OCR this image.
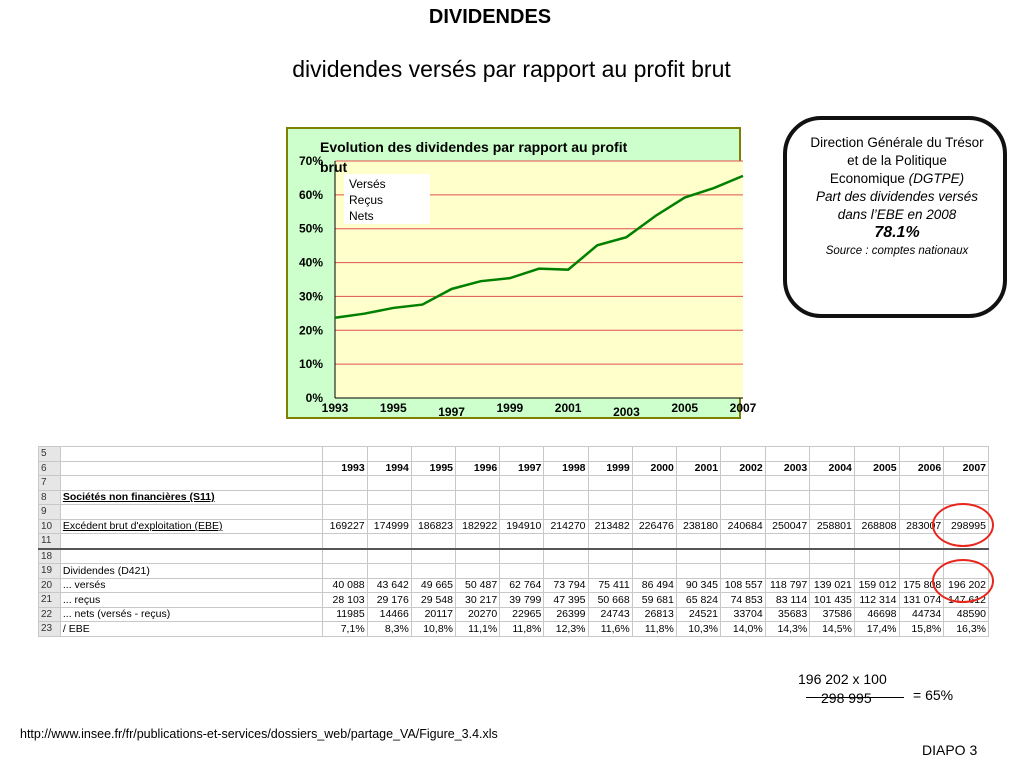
DIVIDENDES
dividendes versés par rapport au profit brut
0%
10%
20%
30%
40%
50%
60%
70%
1993	1995	1997	1999	2001	2003	2005	2007
Versés
Reçus
Nets
Evolution des dividendes par rapport au profit
brut
Direction Générale du Trésor
et de la Politique
Economique (DGTPE)
Part des dividendes versés
dans l’EBE en 2008
78.1%
Source : comptes nationaux
5																
6		1993	1994	1995	1996	1997	1998	1999	2000	2001	2002	2003	2004	2005	2006	2007
7																
8	Sociétés non financières (S11)															
9																
10	Excédent brut d'exploitation (EBE)	169227	174999	186823	182922	194910	214270	213482	226476	238180	240684	250047	258801	268808	283007	298995
11																
18																
19	Dividendes (D421)															
20	... versés	40 088	43 642	49 665	50 487	62 764	73 794	75 411	86 494	90 345	108 557	118 797	139 021	159 012	175 808	196 202
21	... reçus	28 103	29 176	29 548	30 217	39 799	47 395	50 668	59 681	65 824	74 853	83 114	101 435	112 314	131 074	147 612
22	... nets (versés - reçus)	11985	14466	20117	20270	22965	26399	24743	26813	24521	33704	35683	37586	46698	44734	48590
23	/ EBE	7,1%	8,3%	10,8%	11,1%	11,8%	12,3%	11,6%	11,8%	10,3%	14,0%	14,3%	14,5%	17,4%	15,8%	16,3%
196 202 x 100
298 995	= 65%
http://www.insee.fr/fr/publications-et-services/dossiers_web/partage_VA/Figure_3.4.xls
DIAPO 3
